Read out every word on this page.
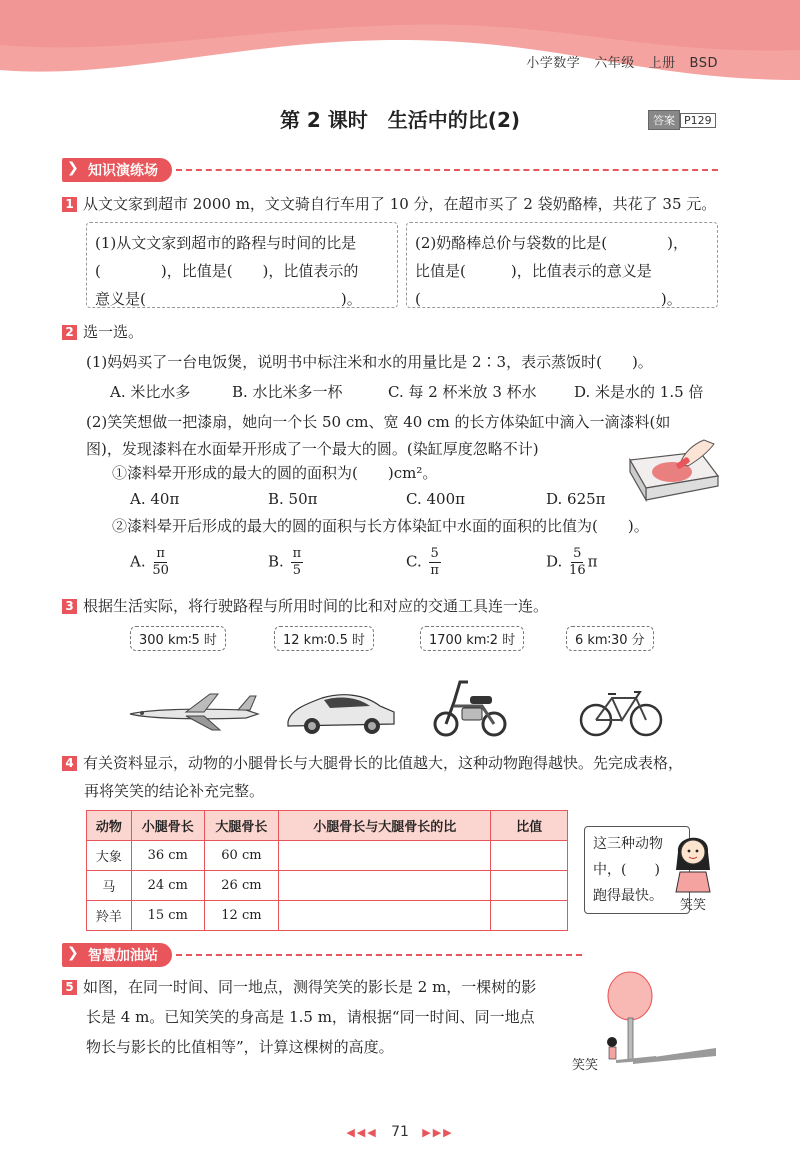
小学数学 六年级 上册 BSD
第 2 课时　生活中的比(2)	答案 P129
❯ 知识演练场
1 从文文家到超市 2000 m，文文骑自行车用了 10 分，在超市买了 2 袋奶酪棒，共花了 35 元。
(1)从文文家到超市的路程与时间的比是
(　　　　)，比值是(　　)，比值表示的
意义是(　　　　　　　　　　　　　)。
(2)奶酪棒总价与袋数的比是(　　　　)，
比值是(　　　)，比值表示的意义是
(　　　　　　　　　　　　　　　　)。
2 选一选。
(1)妈妈买了一台电饭煲，说明书中标注米和水的用量比是 2∶3，表示蒸饭时(　　)。
A. 米比水多	B. 水比米多一杯	C. 每 2 杯米放 3 杯水 D. 米是水的 1.5 倍
(2)笑笑想做一把漆扇，她向一个长 50 cm、宽 40 cm 的长方体染缸中滴入一滴漆料(如
图)，发现漆料在水面晕开形成了一个最大的圆。(染缸厚度忽略不计)
①漆料晕开形成的最大的圆的面积为(　　)cm²。
A. 40π	B. 50π	C. 400π	D. 625π
②漆料晕开后形成的最大的圆的面积与长方体染缸中水面的面积的比值为(　　)。
A. $\frac{\pi}{50}$	B. $\frac{\pi}{5}$	C. $\frac{5}{\pi}$	D. $\frac{5}{16}$ π
3 根据生活实际，将行驶路程与所用时间的比和对应的交通工具连一连。
300 km∶5 时	12 km∶0.5 时	1700 km∶2 时	6 km∶30 分
4 有关资料显示，动物的小腿骨长与大腿骨长的比值越大，这种动物跑得越快。先完成表格，
再将笑笑的结论补充完整。
动物	小腿骨长	大腿骨长	小腿骨长与大腿骨长的比	比值
大象	36 cm	60 cm		
马	24 cm	26 cm		
羚羊	15 cm	12 cm		
这三种动物
中，(　　)
跑得最快。
笑笑
❯ 智慧加油站
5 如图，在同一时间、同一地点，测得笑笑的影长是 2 m，一棵树的影
长是 4 m。已知笑笑的身高是 1.5 m，请根据“同一时间、同一地点
物长与影长的比值相等”，计算这棵树的高度。
笑笑
◀◀◀ 71 ▶▶▶
